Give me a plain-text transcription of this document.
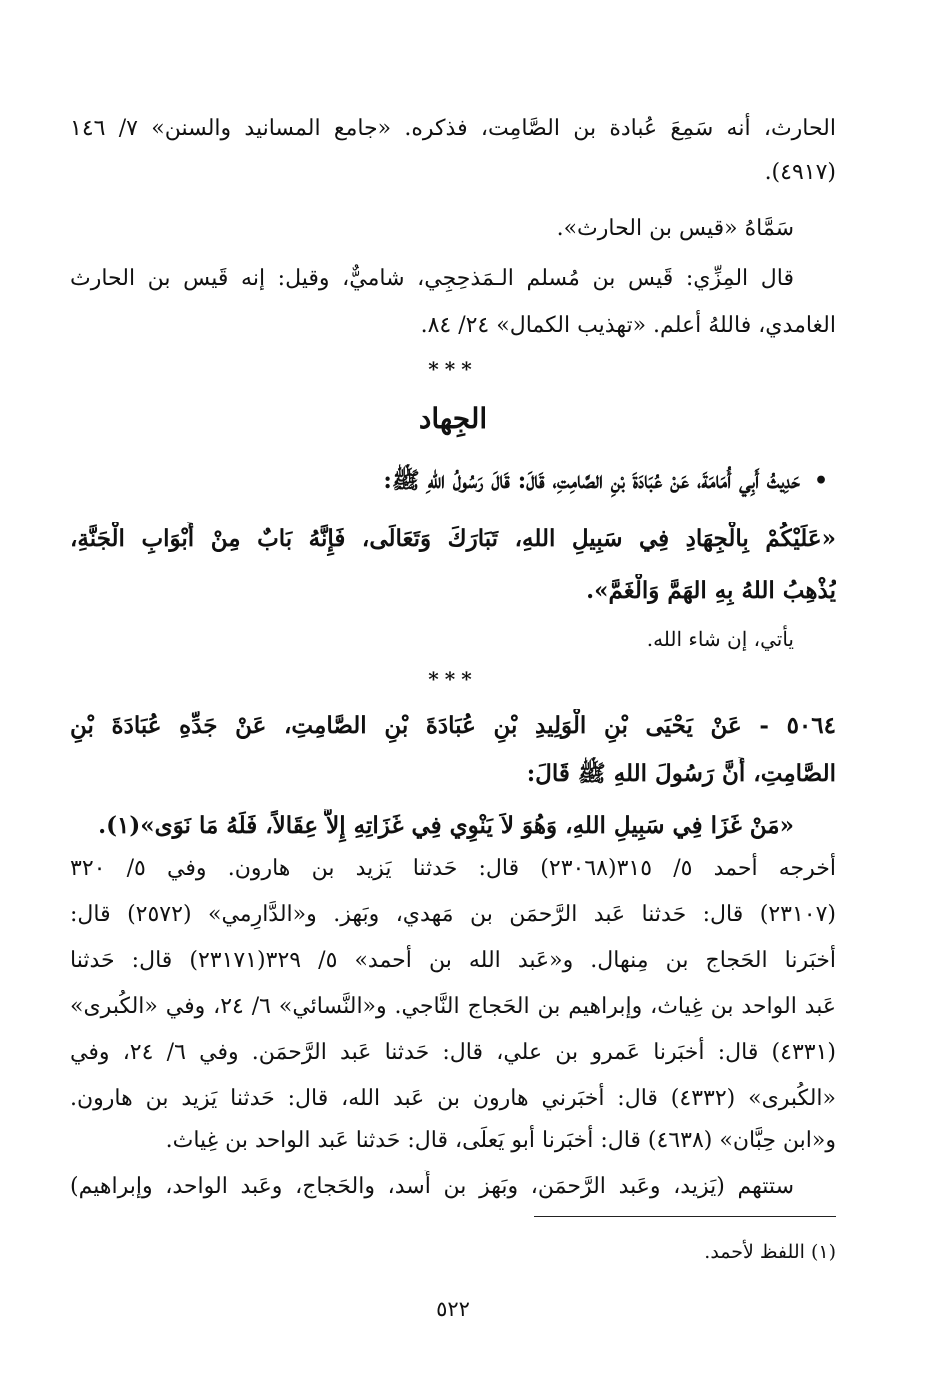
الحارث، أنه سَمِعَ عُبادة بن الصَّامِت، فذكره. «جامع المسانيد والسنن» ٧/ ١٤٦
(٤٩١٧).
سَمَّاهُ «قيس بن الحارث».
قال المِزِّي: قَيس بن مُسلم الـمَذحِجِي، شاميٌّ، وقيل: إنه قَيس بن الحارث
الغامدي، فاللهُ أعلم. «تهذيب الكمال» ٢٤/ ٨٤.
***
الجِهاد
•حَدِيثُ أَبِي أُمَامَةَ، عَنْ عُبَادَةَ بْنِ الصَّامِتِ، قَالَ: قَالَ رَسُولُ اللهِ ﷺ:
«عَلَيْكُمْ بِالْجِهَادِ فِي سَبِيلِ اللهِ، تَبَارَكَ وَتَعَالَى، فَإِنَّهُ بَابٌ مِنْ أَبْوَابِ الْجَنَّةِ،
يُذْهِبُ اللهُ بِهِ الهَمَّ وَالْغَمَّ».
يأتي، إن شاء الله.
***
٥٠٦٤ - عَنْ يَحْيَى بْنِ الْوَلِيدِ بْنِ عُبَادَةَ بْنِ الصَّامِتِ، عَنْ جَدِّهِ عُبَادَةَ بْنِ
الصَّامِتِ، أَنَّ رَسُولَ اللهِ ﷺ قَالَ:
«مَنْ غَزَا فِي سَبِيلِ اللهِ، وَهُوَ لاَ يَنْوِي فِي غَزَاتِهِ إِلاَّ عِقَالاً، فَلَهُ مَا نَوَى»(١).
أخرجه أحمد ٥/ ٣١٥(٢٣٠٦٨) قال: حَدثنا يَزيد بن هارون. وفي ٥/ ٣٢٠
(٢٣١٠٧) قال: حَدثنا عَبد الرَّحمَن بن مَهدي، وبَهز. و«الدَّارِمي» (٢٥٧٢) قال:
أخبَرنا الحَجاج بن مِنهال. و«عَبد الله بن أحمد» ٥/ ٣٢٩(٢٣١٧١) قال: حَدثنا
عَبد الواحد بن غِياث، وإبراهيم بن الحَجاج النَّاجي. و«النَّسائي» ٦/ ٢٤، وفي «الكُبرى»
(٤٣٣١) قال: أخبَرنا عَمرو بن علي، قال: حَدثنا عَبد الرَّحمَن. وفي ٦/ ٢٤، وفي
«الكُبرى» (٤٣٣٢) قال: أخبَرني هارون بن عَبد الله، قال: حَدثنا يَزيد بن هارون.
و«ابن حِبَّان» (٤٦٣٨) قال: أخبَرنا أبو يَعلَى، قال: حَدثنا عَبد الواحد بن غِياث.
ستتهم (يَزيد، وعَبد الرَّحمَن، وبَهز بن أَسد، والحَجاج، وعَبد الواحد، وإبراهيم)
(١) اللفظ لأحمد.
٥٢٢
